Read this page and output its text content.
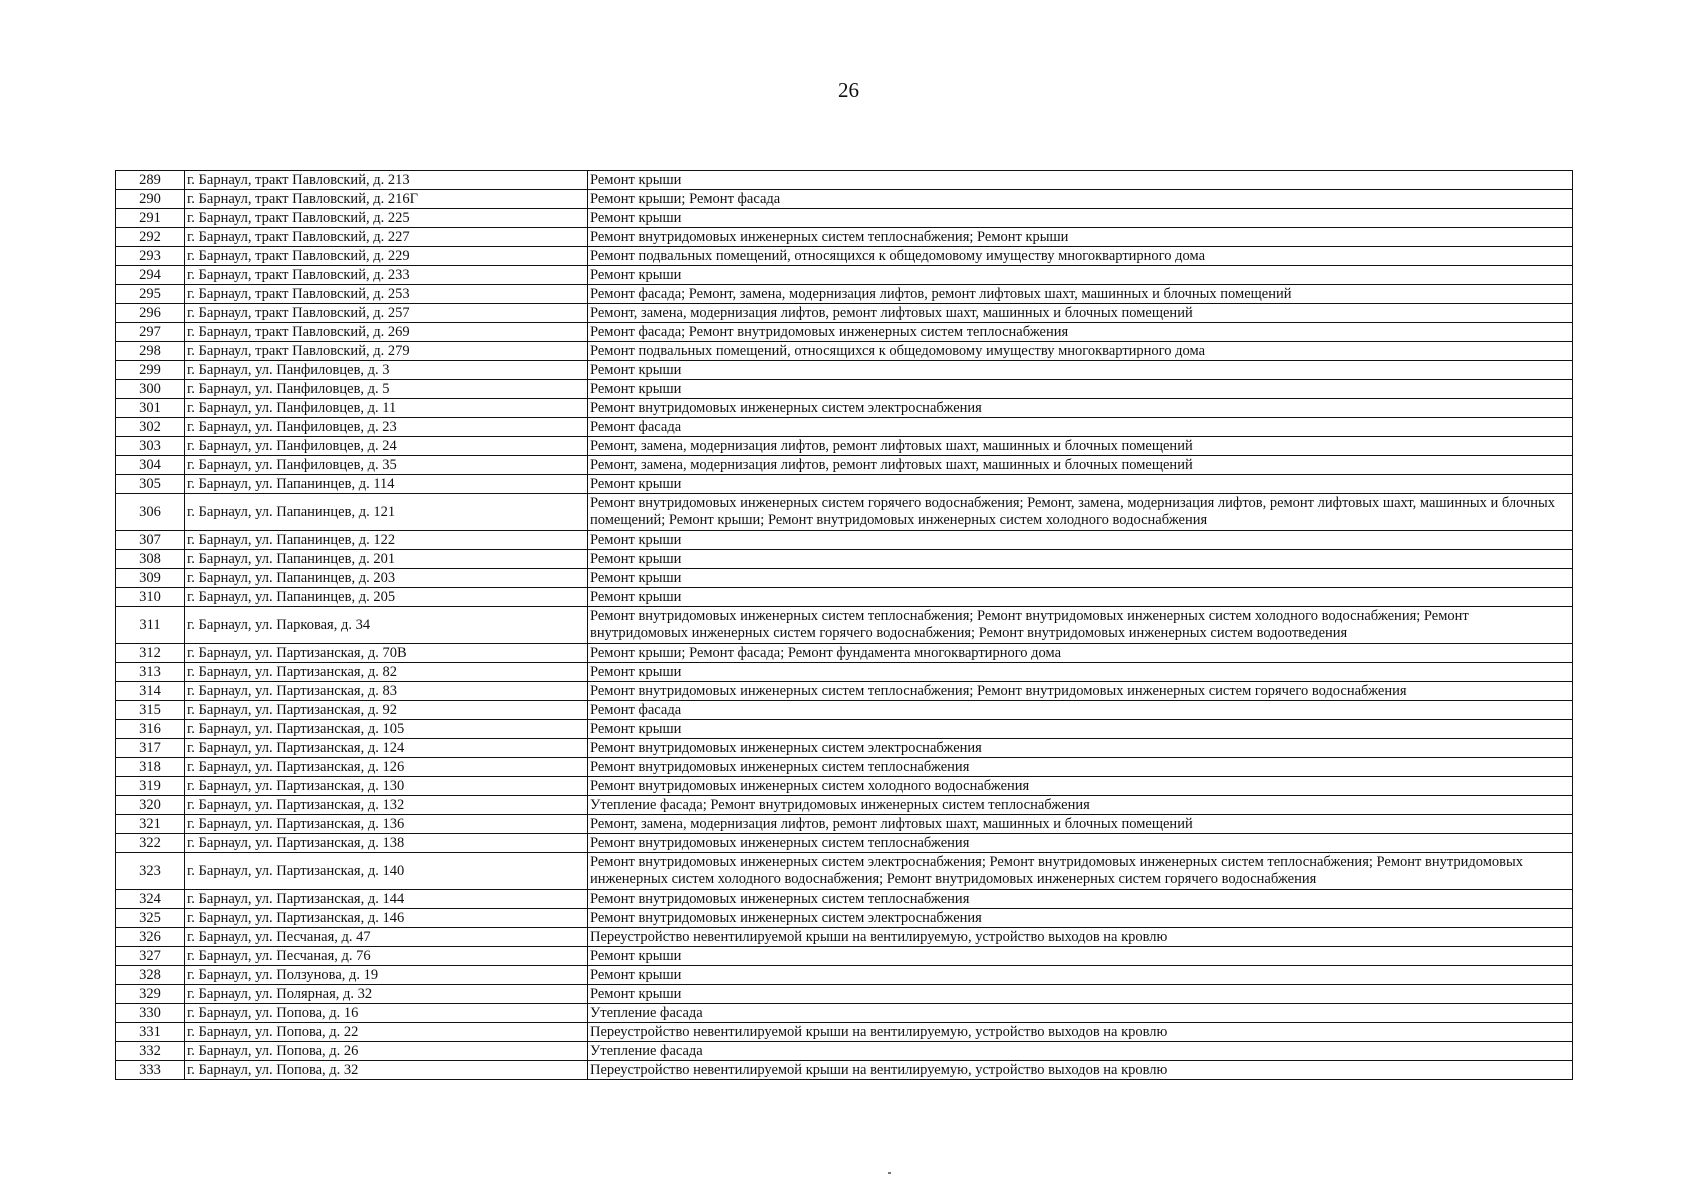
26
289	г. Барнаул, тракт Павловский, д. 213	Ремонт крыши
290	г. Барнаул, тракт Павловский, д. 216Г	Ремонт крыши; Ремонт фасада
291	г. Барнаул, тракт Павловский, д. 225	Ремонт крыши
292	г. Барнаул, тракт Павловский, д. 227	Ремонт внутридомовых инженерных систем теплоснабжения; Ремонт крыши
293	г. Барнаул, тракт Павловский, д. 229	Ремонт подвальных помещений, относящихся к общедомовому имуществу многоквартирного дома
294	г. Барнаул, тракт Павловский, д. 233	Ремонт крыши
295	г. Барнаул, тракт Павловский, д. 253	Ремонт фасада; Ремонт, замена, модернизация лифтов, ремонт лифтовых шахт, машинных и блочных помещений
296	г. Барнаул, тракт Павловский, д. 257	Ремонт, замена, модернизация лифтов, ремонт лифтовых шахт, машинных и блочных помещений
297	г. Барнаул, тракт Павловский, д. 269	Ремонт фасада; Ремонт внутридомовых инженерных систем теплоснабжения
298	г. Барнаул, тракт Павловский, д. 279	Ремонт подвальных помещений, относящихся к общедомовому имуществу многоквартирного дома
299	г. Барнаул, ул. Панфиловцев, д. 3	Ремонт крыши
300	г. Барнаул, ул. Панфиловцев, д. 5	Ремонт крыши
301	г. Барнаул, ул. Панфиловцев, д. 11	Ремонт внутридомовых инженерных систем электроснабжения
302	г. Барнаул, ул. Панфиловцев, д. 23	Ремонт фасада
303	г. Барнаул, ул. Панфиловцев, д. 24	Ремонт, замена, модернизация лифтов, ремонт лифтовых шахт, машинных и блочных помещений
304	г. Барнаул, ул. Панфиловцев, д. 35	Ремонт, замена, модернизация лифтов, ремонт лифтовых шахт, машинных и блочных помещений
305	г. Барнаул, ул. Папанинцев, д. 114	Ремонт крыши
306	г. Барнаул, ул. Папанинцев, д. 121	Ремонт внутридомовых инженерных систем горячего водоснабжения; Ремонт, замена, модернизация лифтов, ремонт лифтовых шахт, машинных и блочных помещений; Ремонт крыши; Ремонт внутридомовых инженерных систем холодного водоснабжения
307	г. Барнаул, ул. Папанинцев, д. 122	Ремонт крыши
308	г. Барнаул, ул. Папанинцев, д. 201	Ремонт крыши
309	г. Барнаул, ул. Папанинцев, д. 203	Ремонт крыши
310	г. Барнаул, ул. Папанинцев, д. 205	Ремонт крыши
311	г. Барнаул, ул. Парковая, д. 34	Ремонт внутридомовых инженерных систем теплоснабжения; Ремонт внутридомовых инженерных систем холодного водоснабжения; Ремонт внутридомовых инженерных систем горячего водоснабжения; Ремонт внутридомовых инженерных систем водоотведения
312	г. Барнаул, ул. Партизанская, д. 70В	Ремонт крыши; Ремонт фасада; Ремонт фундамента многоквартирного дома
313	г. Барнаул, ул. Партизанская, д. 82	Ремонт крыши
314	г. Барнаул, ул. Партизанская, д. 83	Ремонт внутридомовых инженерных систем теплоснабжения; Ремонт внутридомовых инженерных систем горячего водоснабжения
315	г. Барнаул, ул. Партизанская, д. 92	Ремонт фасада
316	г. Барнаул, ул. Партизанская, д. 105	Ремонт крыши
317	г. Барнаул, ул. Партизанская, д. 124	Ремонт внутридомовых инженерных систем электроснабжения
318	г. Барнаул, ул. Партизанская, д. 126	Ремонт внутридомовых инженерных систем теплоснабжения
319	г. Барнаул, ул. Партизанская, д. 130	Ремонт внутридомовых инженерных систем холодного водоснабжения
320	г. Барнаул, ул. Партизанская, д. 132	Утепление фасада; Ремонт внутридомовых инженерных систем теплоснабжения
321	г. Барнаул, ул. Партизанская, д. 136	Ремонт, замена, модернизация лифтов, ремонт лифтовых шахт, машинных и блочных помещений
322	г. Барнаул, ул. Партизанская, д. 138	Ремонт внутридомовых инженерных систем теплоснабжения
323	г. Барнаул, ул. Партизанская, д. 140	Ремонт внутридомовых инженерных систем электроснабжения; Ремонт внутридомовых инженерных систем теплоснабжения; Ремонт внутридомовых инженерных систем холодного водоснабжения; Ремонт внутридомовых инженерных систем горячего водоснабжения
324	г. Барнаул, ул. Партизанская, д. 144	Ремонт внутридомовых инженерных систем теплоснабжения
325	г. Барнаул, ул. Партизанская, д. 146	Ремонт внутридомовых инженерных систем электроснабжения
326	г. Барнаул, ул. Песчаная, д. 47	Переустройство невентилируемой крыши на вентилируемую, устройство выходов на кровлю
327	г. Барнаул, ул. Песчаная, д. 76	Ремонт крыши
328	г. Барнаул, ул. Ползунова, д. 19	Ремонт крыши
329	г. Барнаул, ул. Полярная, д. 32	Ремонт крыши
330	г. Барнаул, ул. Попова, д. 16	Утепление фасада
331	г. Барнаул, ул. Попова, д. 22	Переустройство невентилируемой крыши на вентилируемую, устройство выходов на кровлю
332	г. Барнаул, ул. Попова, д. 26	Утепление фасада
333	г. Барнаул, ул. Попова, д. 32	Переустройство невентилируемой крыши на вентилируемую, устройство выходов на кровлю
